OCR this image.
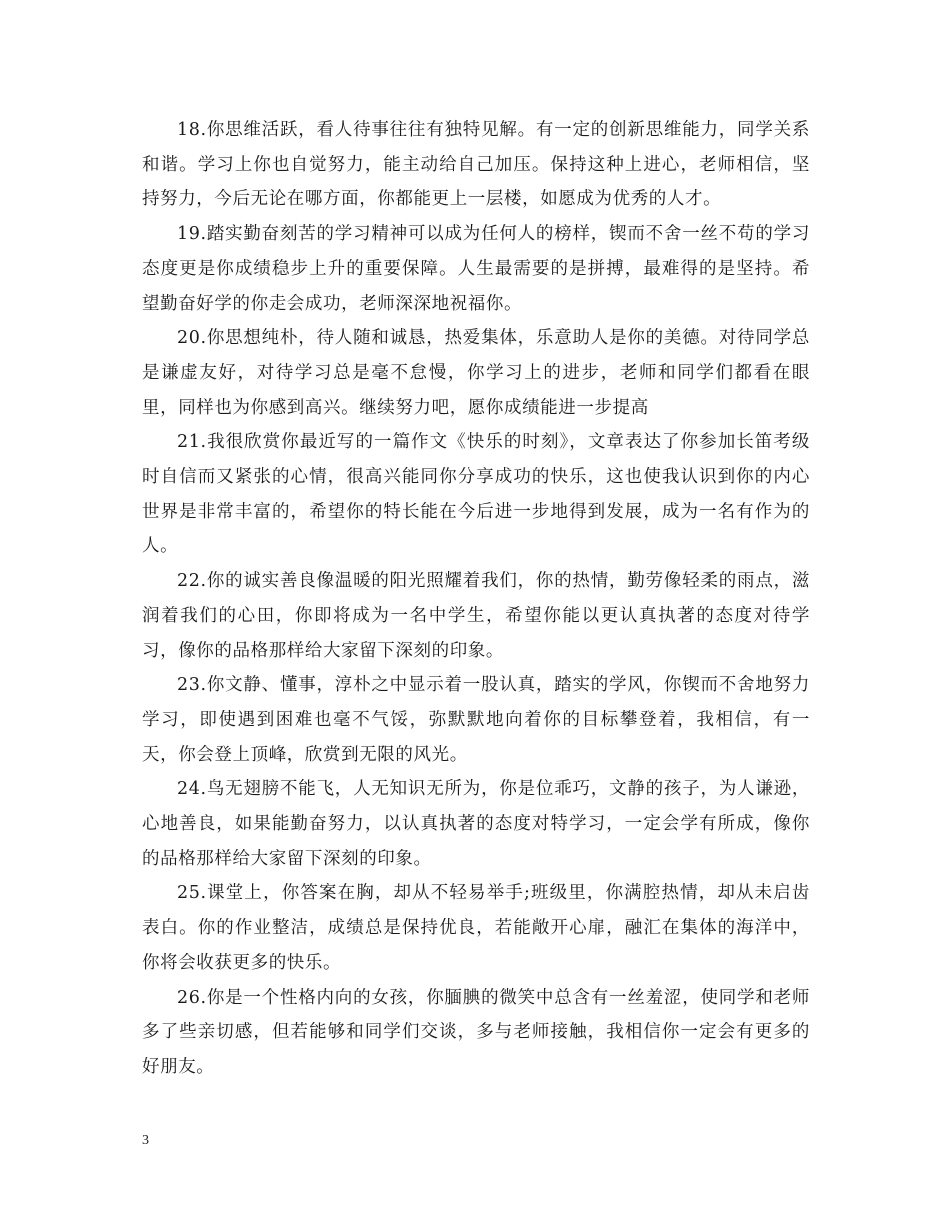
18.你思维活跃，看人待事往往有独特见解。有一定的创新思维能力，同学关系和谐。学习上你也自觉努力，能主动给自己加压。保持这种上进心，老师相信，坚持努力，今后无论在哪方面，你都能更上一层楼，如愿成为优秀的人才。

19.踏实勤奋刻苦的学习精神可以成为任何人的榜样，锲而不舍一丝不苟的学习态度更是你成绩稳步上升的重要保障。人生最需要的是拼搏，最难得的是坚持。希望勤奋好学的你走会成功，老师深深地祝福你。

20.你思想纯朴，待人随和诚恳，热爱集体，乐意助人是你的美德。对待同学总是谦虚友好，对待学习总是毫不怠慢，你学习上的进步，老师和同学们都看在眼里，同样也为你感到高兴。继续努力吧，愿你成绩能进一步提高

21.我很欣赏你最近写的一篇作文《快乐的时刻》，文章表达了你参加长笛考级时自信而又紧张的心情，很高兴能同你分享成功的快乐，这也使我认识到你的内心世界是非常丰富的，希望你的特长能在今后进一步地得到发展，成为一名有作为的人。

22.你的诚实善良像温暖的阳光照耀着我们，你的热情，勤劳像轻柔的雨点，滋润着我们的心田，你即将成为一名中学生，希望你能以更认真执著的态度对待学习，像你的品格那样给大家留下深刻的印象。

23.你文静、懂事，淳朴之中显示着一股认真，踏实的学风，你锲而不舍地努力学习，即使遇到困难也毫不气馁，弥默默地向着你的目标攀登着，我相信，有一天，你会登上顶峰，欣赏到无限的风光。

24.鸟无翅膀不能飞，人无知识无所为，你是位乖巧，文静的孩子，为人谦逊，心地善良，如果能勤奋努力，以认真执著的态度对特学习，一定会学有所成，像你的品格那样给大家留下深刻的印象。

25.课堂上，你答案在胸，却从不轻易举手;班级里，你满腔热情，却从未启齿表白。你的作业整洁，成绩总是保持优良，若能敞开心扉，融汇在集体的海洋中，你将会收获更多的快乐。

26.你是一个性格内向的女孩，你腼腆的微笑中总含有一丝羞涩，使同学和老师多了些亲切感，但若能够和同学们交谈，多与老师接触，我相信你一定会有更多的好朋友。

3
